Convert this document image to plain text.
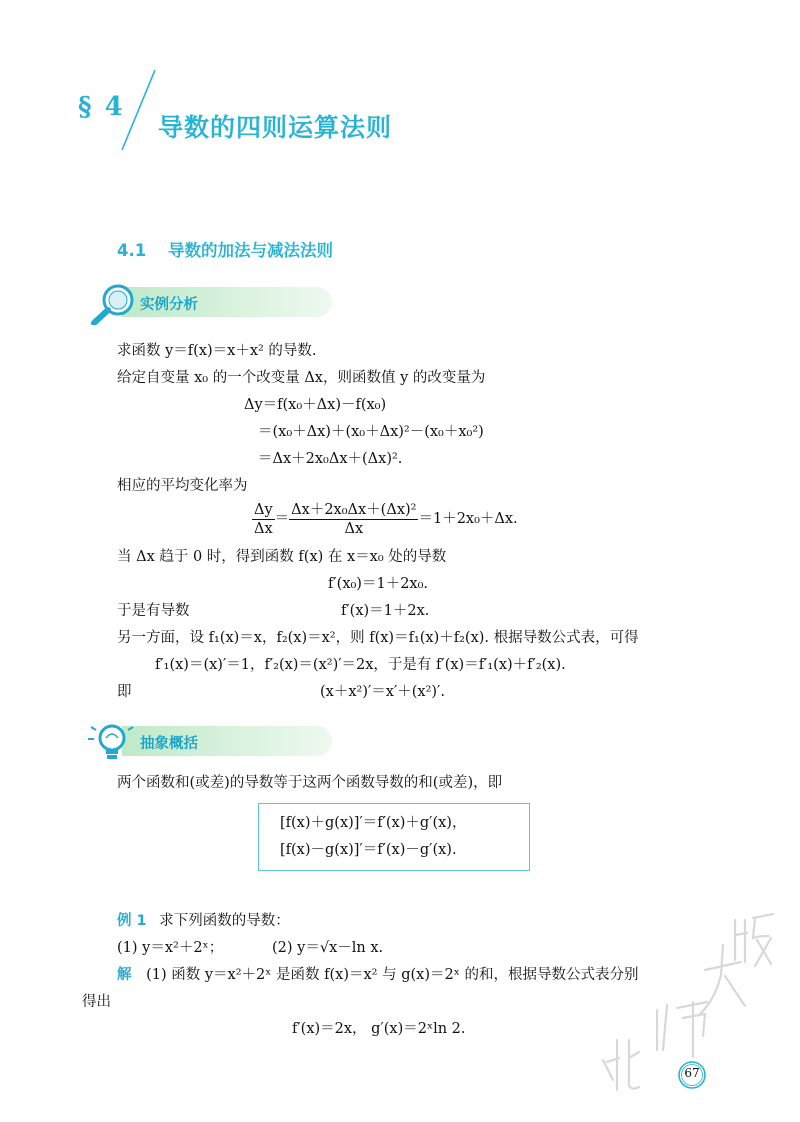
§ 4
导数的四则运算法则
4.1 导数的加法与减法法则
实例分析
求函数 y＝f(x)＝x＋x² 的导数.
给定自变量 x₀ 的一个改变量 Δx，则函数值 y 的改变量为
Δy＝f(x₀＋Δx)－f(x₀)
＝(x₀＋Δx)＋(x₀＋Δx)²－(x₀＋x₀²)
＝Δx＋2x₀Δx＋(Δx)².
相应的平均变化率为
$\frac{\Delta y}{\Delta x} = \frac{\text{Δx＋2x₀Δx＋(Δx)²}}{\Delta x} =1+2x_0+\Delta x$.
当 Δx 趋于 0 时，得到函数 f(x) 在 x＝x₀ 处的导数
f′(x₀)＝1＋2x₀.
于是有导数	f′(x)＝1＋2x.
另一方面，设 f₁(x)＝x，f₂(x)＝x²，则 f(x)＝f₁(x)＋f₂(x). 根据导数公式表，可得
f′₁(x)＝(x)′＝1，f′₂(x)＝(x²)′＝2x，于是有 f′(x)＝f′₁(x)＋f′₂(x).
即	(x＋x²)′＝x′＋(x²)′.
抽象概括
两个函数和(或差)的导数等于这两个函数导数的和(或差)，即
[f(x)＋g(x)]′＝f′(x)＋g′(x)，
[f(x)－g(x)]′＝f′(x)－g′(x).
例 1 求下列函数的导数：
(1) y＝x²＋2ˣ；	(2) y＝√x－ln x.
解 (1) 函数 y＝x²＋2ˣ 是函数 f(x)＝x² 与 g(x)＝2ˣ 的和，根据导数公式表分别
得出
f′(x)＝2x， g′(x)＝2ˣln 2.
67
